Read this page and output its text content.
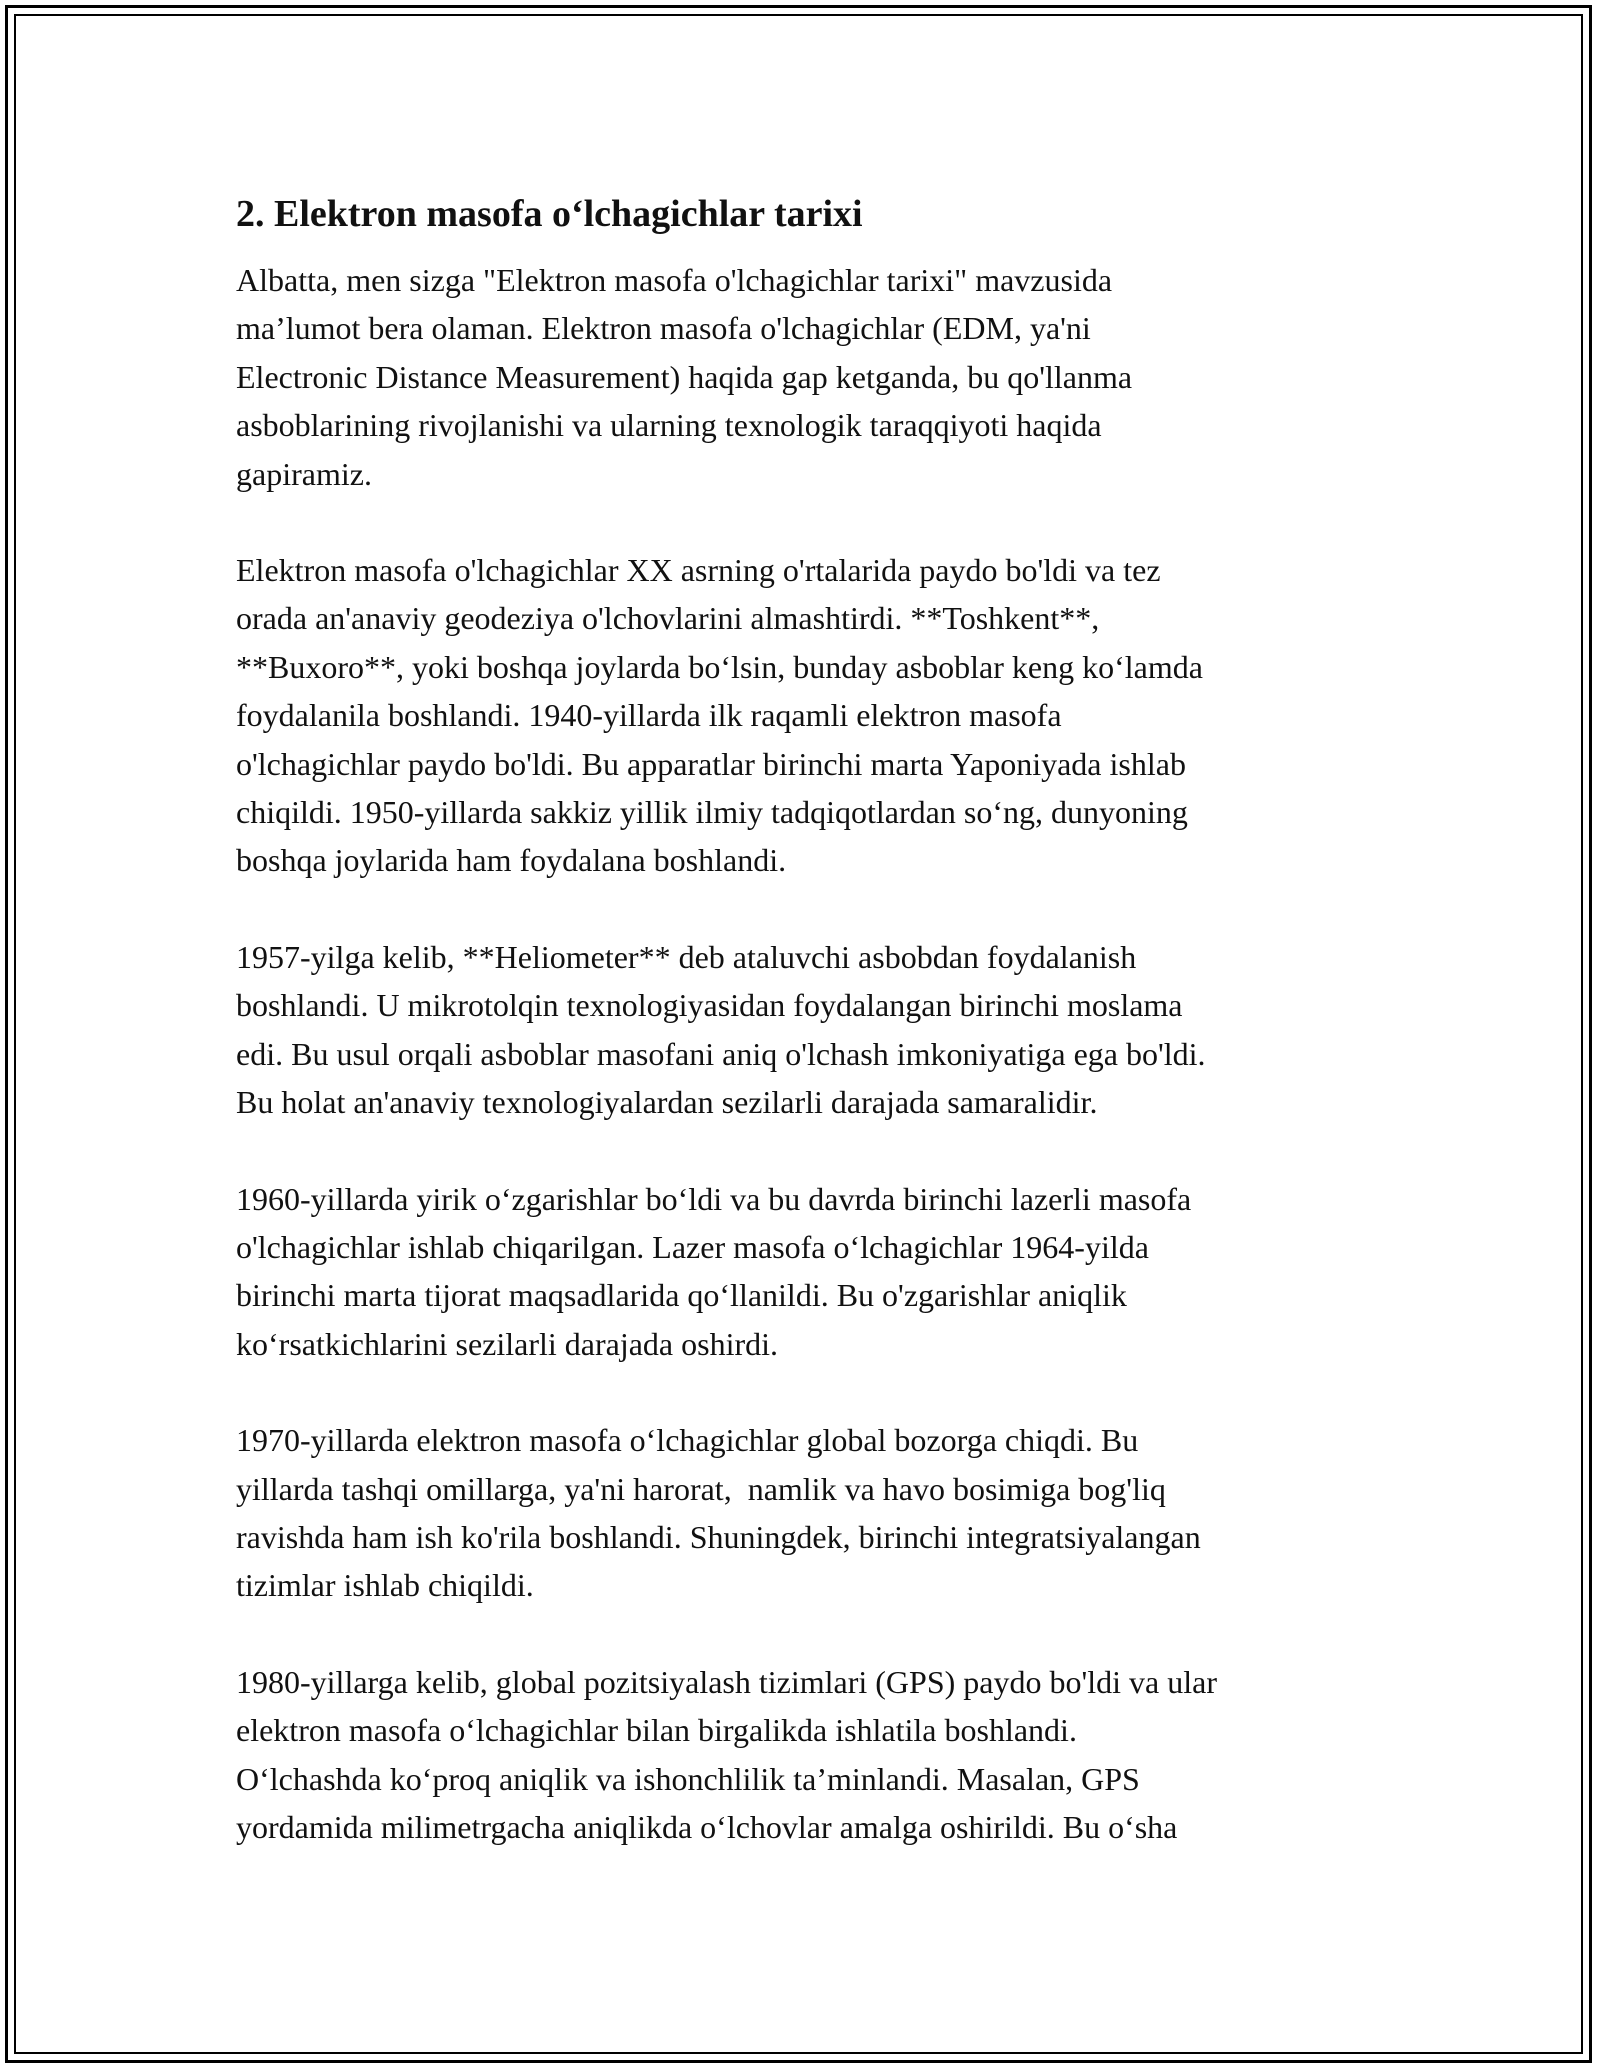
2. Elektron masofa oʻlchagichlar tarixi

Albatta, men sizga "Elektron masofa o'lchagichlar tarixi" mavzusida
maʼlumot bera olaman. Elektron masofa o'lchagichlar (EDM, ya'ni
Electronic Distance Measurement) haqida gap ketganda, bu qo'llanma
asboblarining rivojlanishi va ularning texnologik taraqqiyoti haqida
gapiramiz.

Elektron masofa o'lchagichlar XX asrning o'rtalarida paydo bo'ldi va tez
orada an'anaviy geodeziya o'lchovlarini almashtirdi. **Toshkent**,
**Buxoro**, yoki boshqa joylarda boʻlsin, bunday asboblar keng koʻlamda
foydalanila boshlandi. 1940-yillarda ilk raqamli elektron masofa
o'lchagichlar paydo bo'ldi. Bu apparatlar birinchi marta Yaponiyada ishlab
chiqildi. 1950-yillarda sakkiz yillik ilmiy tadqiqotlardan soʻng, dunyoning
boshqa joylarida ham foydalana boshlandi.

1957-yilga kelib, **Heliometer** deb ataluvchi asbobdan foydalanish
boshlandi. U mikrotolqin texnologiyasidan foydalangan birinchi moslama
edi. Bu usul orqali asboblar masofani aniq o'lchash imkoniyatiga ega bo'ldi.
Bu holat an'anaviy texnologiyalardan sezilarli darajada samaralidir.

1960-yillarda yirik oʻzgarishlar boʻldi va bu davrda birinchi lazerli masofa
o'lchagichlar ishlab chiqarilgan. Lazer masofa oʻlchagichlar 1964-yilda
birinchi marta tijorat maqsadlarida qoʻllanildi. Bu o'zgarishlar aniqlik
koʻrsatkichlarini sezilarli darajada oshirdi.

1970-yillarda elektron masofa oʻlchagichlar global bozorga chiqdi. Bu
yillarda tashqi omillarga, ya'ni harorat,  namlik va havo bosimiga bog'liq
ravishda ham ish ko'rila boshlandi. Shuningdek, birinchi integratsiyalangan
tizimlar ishlab chiqildi.

1980-yillarga kelib, global pozitsiyalash tizimlari (GPS) paydo bo'ldi va ular
elektron masofa oʻlchagichlar bilan birgalikda ishlatila boshlandi.
Oʻlchashda koʻproq aniqlik va ishonchlilik taʼminlandi. Masalan, GPS
yordamida milimetrgacha aniqlikda oʻlchovlar amalga oshirildi. Bu oʻsha
